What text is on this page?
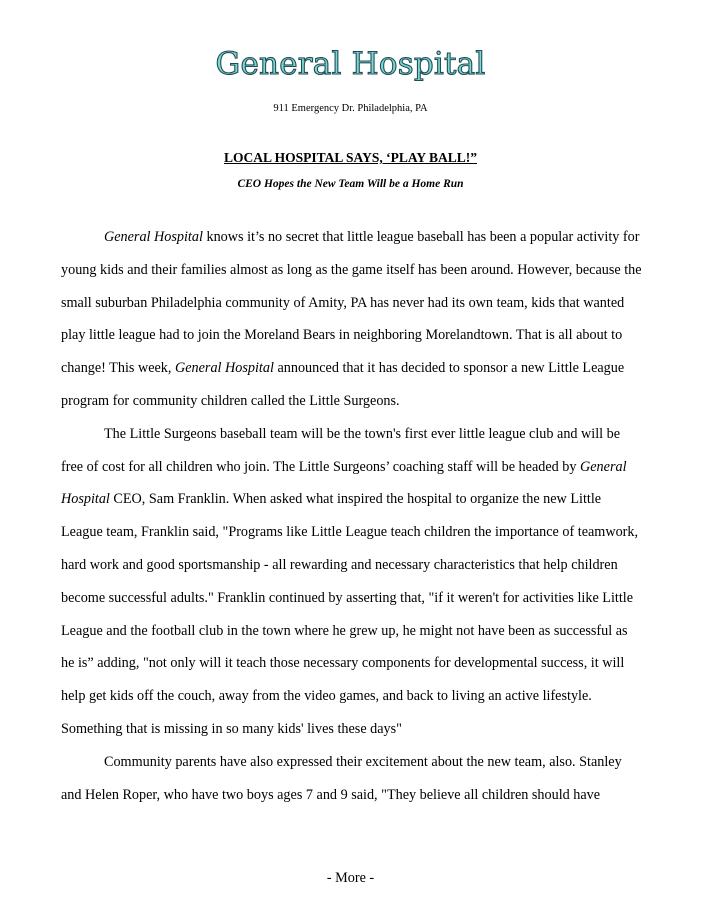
General Hospital
911 Emergency Dr. Philadelphia, PA
LOCAL HOSPITAL SAYS, ‘PLAY BALL!”
CEO Hopes the New Team Will be a Home Run

General Hospital knows it’s no secret that little league baseball has been a popular activity for young kids and their families almost as long as the game itself has been around. However, because the small suburban Philadelphia community of Amity, PA has never had its own team, kids that wanted play little league had to join the Moreland Bears in neighboring Morelandtown. That is all about to change! This week, General Hospital announced that it has decided to sponsor a new Little League program for community children called the Little Surgeons.

The Little Surgeons baseball team will be the town's first ever little league club and will be free of cost for all children who join. The Little Surgeons’ coaching staff will be headed by General Hospital CEO, Sam Franklin. When asked what inspired the hospital to organize the new Little League team, Franklin said, "Programs like Little League teach children the importance of teamwork, hard work and good sportsmanship - all rewarding and necessary characteristics that help children become successful adults." Franklin continued by asserting that, "if it weren't for activities like Little League and the football club in the town where he grew up, he might not have been as successful as he is” adding, "not only will it teach those necessary components for developmental success, it will help get kids off the couch, away from the video games, and back to living an active lifestyle. Something that is missing in so many kids' lives these days"

Community parents have also expressed their excitement about the new team, also. Stanley and Helen Roper, who have two boys ages 7 and 9 said, "They believe all children should have

- More -
